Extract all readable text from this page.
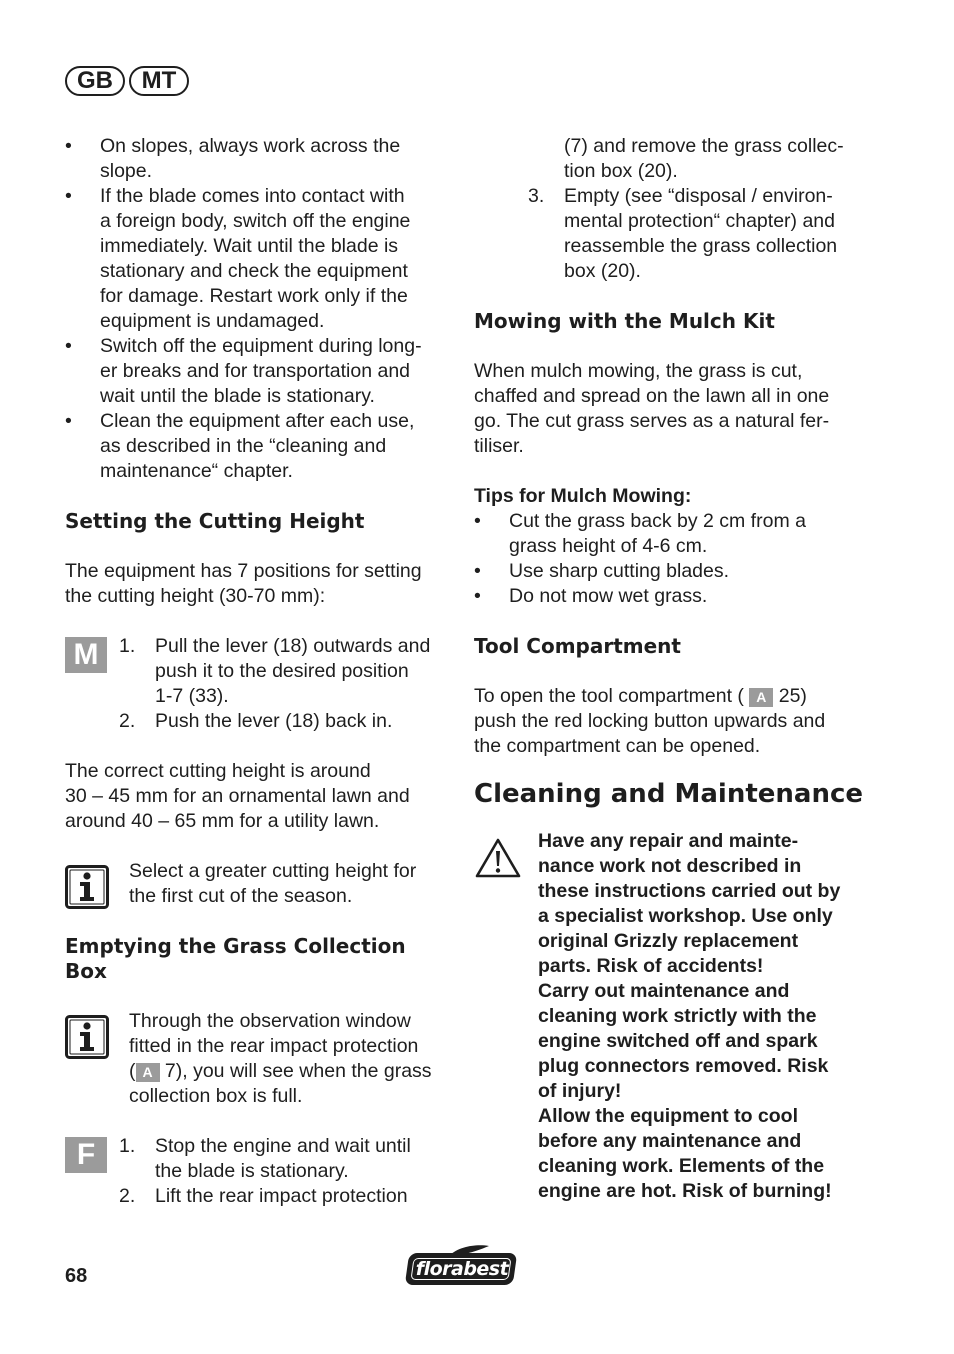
GB	MT
• On slopes, always work across the
slope.
• If the blade comes into contact with
a foreign body, switch off the engine
immediately. Wait until the blade is
stationary and check the equipment
for damage. Restart work only if the
equipment is undamaged.
• Switch off the equipment during long-
er breaks and for transportation and
wait until the blade is stationary.
• Clean the equipment after each use,
as described in the “cleaning and
maintenance“ chapter.
Setting the Cutting Height
The equipment has 7 positions for setting
the cutting height (30-70 mm):
M	1. Pull the lever (18) outwards and
push it to the desired position
1-7 (33).
2. Push the lever (18) back in.
The correct cutting height is around
30 – 45 mm for an ornamental lawn and
around 40 – 65 mm for a utility lawn.
Select a greater cutting height for
the first cut of the season.
Emptying the Grass Collection
Box
Through the observation window
fitted in the rear impact protection
( A 7), you will see when the grass
collection box is full.
F	1. Stop the engine and wait until
the blade is stationary.
2. Lift the rear impact protection
(7) and remove the grass collec-
tion box (20).
3. Empty (see “disposal / environ-
mental protection“ chapter) and
reassemble the grass collection
box (20).
Mowing with the Mulch Kit
When mulch mowing, the grass is cut,
chaffed and spread on the lawn all in one
go. The cut grass serves as a natural fer-
tiliser.
Tips for Mulch Mowing:
• Cut the grass back by 2 cm from a
grass height of 4-6 cm.
• Use sharp cutting blades.
• Do not mow wet grass.
Tool Compartment
To open the tool compartment ( A 25)
push the red locking button upwards and
the compartment can be opened.
Cleaning and Maintenance
Have any repair and mainte-
nance work not described in
these instructions carried out by
a specialist workshop. Use only
original Grizzly replacement
parts. Risk of accidents!
Carry out maintenance and
cleaning work strictly with the
engine switched off and spark
plug connectors removed. Risk
of injury!
Allow the equipment to cool
before any maintenance and
cleaning work. Elements of the
engine are hot. Risk of burning!
68	florabest
